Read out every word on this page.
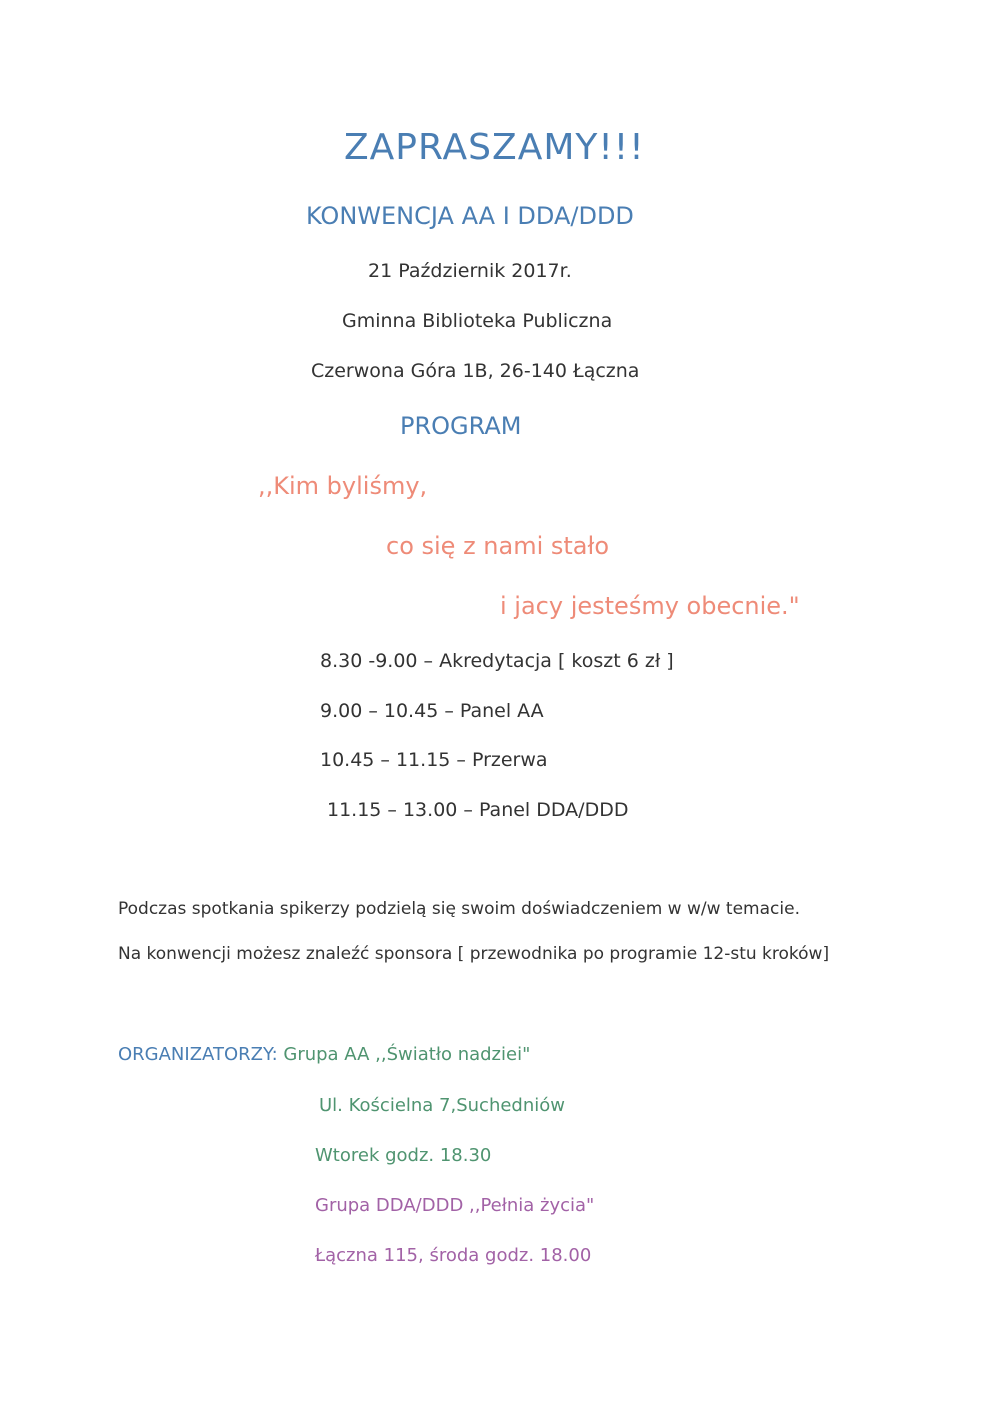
ZAPRASZAMY!!!
KONWENCJA AA I DDA/DDD
21 Październik 2017r.
Gminna Biblioteka Publiczna
Czerwona Góra 1B, 26-140 Łączna
PROGRAM
,,Kim byliśmy,
co się z nami stało
i jacy jesteśmy obecnie."
8.30 -9.00 – Akredytacja [ koszt 6 zł ]
9.00 – 10.45 – Panel AA
10.45 – 11.15 – Przerwa
11.15 – 13.00 – Panel DDA/DDD
Podczas spotkania spikerzy podzielą się swoim doświadczeniem w w/w temacie.
Na konwencji możesz znaleźć sponsora [ przewodnika po programie 12-stu kroków]
ORGANIZATORZY: Grupa AA ,,Światło nadziei"
Ul. Kościelna 7,Suchedniów
Wtorek godz. 18.30
Grupa DDA/DDD ,,Pełnia życia"
Łączna 115, środa godz. 18.00
